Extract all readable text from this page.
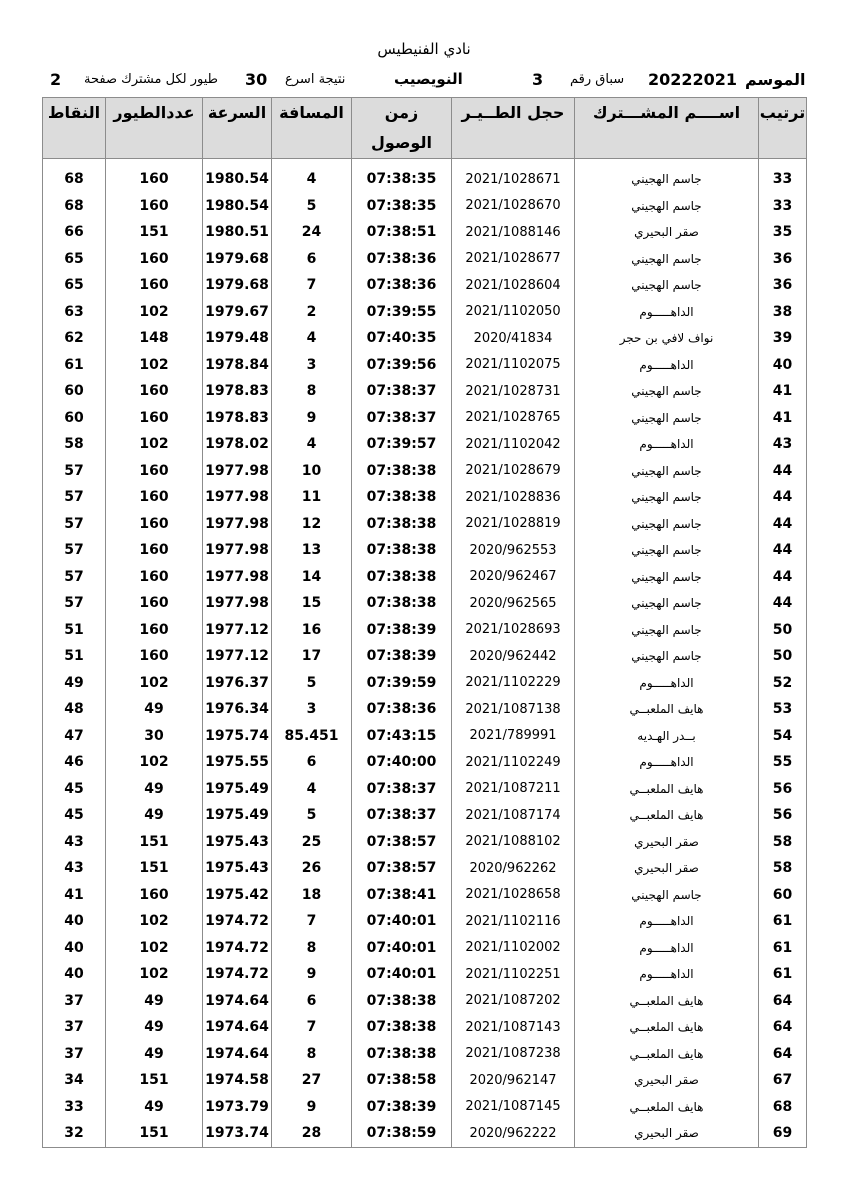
نادي الفنيطيس
2 طيور لكل مشترك صفحة 30 نتيجة اسرع	النويصيب	3 سباق رقم 20222021 الموسم
النقاط	عددالطيور	السرعة	المسافة	زمن الوصول	حجل الطــيـر	اســــم المشـــترك	ترتيب

68	160	1980.54	4	07:38:35	2021/1028671	جاسم الهجيني	33
68	160	1980.54	5	07:38:35	2021/1028670	جاسم الهجيني	33
66	151	1980.51	24	07:38:51	2021/1088146	صقر البحيري	35
65	160	1979.68	6	07:38:36	2021/1028677	جاسم الهجيني	36
65	160	1979.68	7	07:38:36	2021/1028604	جاسم الهجيني	36
63	102	1979.67	2	07:39:55	2021/1102050	الداهـــــوم	38
62	148	1979.48	4	07:40:35	2020/41834	نواف لافي بن حجر	39
61	102	1978.84	3	07:39:56	2021/1102075	الداهـــــوم	40
60	160	1978.83	8	07:38:37	2021/1028731	جاسم الهجيني	41
60	160	1978.83	9	07:38:37	2021/1028765	جاسم الهجيني	41
58	102	1978.02	4	07:39:57	2021/1102042	الداهـــــوم	43
57	160	1977.98	10	07:38:38	2021/1028679	جاسم الهجيني	44
57	160	1977.98	11	07:38:38	2021/1028836	جاسم الهجيني	44
57	160	1977.98	12	07:38:38	2021/1028819	جاسم الهجيني	44
57	160	1977.98	13	07:38:38	2020/962553	جاسم الهجيني	44
57	160	1977.98	14	07:38:38	2020/962467	جاسم الهجيني	44
57	160	1977.98	15	07:38:38	2020/962565	جاسم الهجيني	44
51	160	1977.12	16	07:38:39	2021/1028693	جاسم الهجيني	50
51	160	1977.12	17	07:38:39	2020/962442	جاسم الهجيني	50
49	102	1976.37	5	07:39:59	2021/1102229	الداهـــــوم	52
48	49	1976.34	3	07:38:36	2021/1087138	هايف الملعبــي	53
47	30	1975.74	85.451	07:43:15	2021/789991	بــدر الهـديه	54
46	102	1975.55	6	07:40:00	2021/1102249	الداهـــــوم	55
45	49	1975.49	4	07:38:37	2021/1087211	هايف الملعبــي	56
45	49	1975.49	5	07:38:37	2021/1087174	هايف الملعبــي	56
43	151	1975.43	25	07:38:57	2021/1088102	صقر البحيري	58
43	151	1975.43	26	07:38:57	2020/962262	صقر البحيري	58
41	160	1975.42	18	07:38:41	2021/1028658	جاسم الهجيني	60
40	102	1974.72	7	07:40:01	2021/1102116	الداهـــــوم	61
40	102	1974.72	8	07:40:01	2021/1102002	الداهـــــوم	61
40	102	1974.72	9	07:40:01	2021/1102251	الداهـــــوم	61
37	49	1974.64	6	07:38:38	2021/1087202	هايف الملعبــي	64
37	49	1974.64	7	07:38:38	2021/1087143	هايف الملعبــي	64
37	49	1974.64	8	07:38:38	2021/1087238	هايف الملعبــي	64
34	151	1974.58	27	07:38:58	2020/962147	صقر البحيري	67
33	49	1973.79	9	07:38:39	2021/1087145	هايف الملعبــي	68
32	151	1973.74	28	07:38:59	2020/962222	صقر البحيري	69
